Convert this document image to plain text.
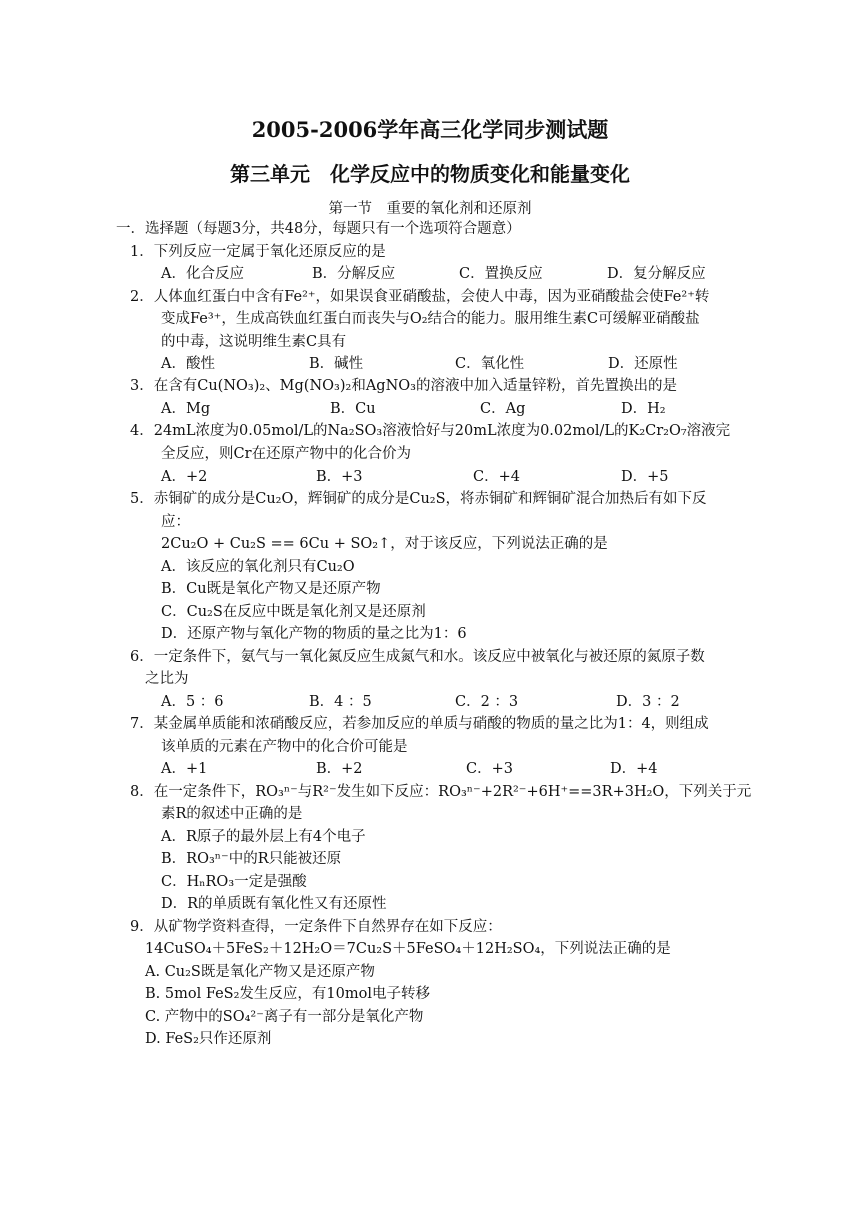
2005-2006学年高三化学同步测试题
第三单元　化学反应中的物质变化和能量变化
第一节　重要的氧化剂和还原剂
一．选择题（每题3分，共48分，每题只有一个选项符合题意）
1．下列反应一定属于氧化还原反应的是
A．化合反应	B．分解反应	C．置换反应	D．复分解反应
2．人体血红蛋白中含有Fe²⁺，如果误食亚硝酸盐，会使人中毒，因为亚硝酸盐会使Fe²⁺转
变成Fe³⁺，生成高铁血红蛋白而丧失与O₂结合的能力。服用维生素C可缓解亚硝酸盐
的中毒，这说明维生素C具有
A．酸性	B．碱性	C．氧化性	D．还原性
3．在含有Cu(NO₃)₂、Mg(NO₃)₂和AgNO₃的溶液中加入适量锌粉，首先置换出的是
A．Mg	B．Cu	C．Ag	D．H₂
4．24mL浓度为0.05mol/L的Na₂SO₃溶液恰好与20mL浓度为0.02mol/L的K₂Cr₂O₇溶液完
全反应，则Cr在还原产物中的化合价为
A．+2	B．+3	C．+4	D．+5
5．赤铜矿的成分是Cu₂O，辉铜矿的成分是Cu₂S，将赤铜矿和辉铜矿混合加热后有如下反
应：
2Cu₂O + Cu₂S == 6Cu + SO₂↑，对于该反应，下列说法正确的是
A．该反应的氧化剂只有Cu₂O
B．Cu既是氧化产物又是还原产物
C．Cu₂S在反应中既是氧化剂又是还原剂
D．还原产物与氧化产物的物质的量之比为1：6
6．一定条件下，氨气与一氧化氮反应生成氮气和水。该反应中被氧化与被还原的氮原子数
之比为
A．5 ：6	B．4 ：5	C．2 ：3	D．3 ：2
7．某金属单质能和浓硝酸反应，若参加反应的单质与硝酸的物质的量之比为1：4，则组成
该单质的元素在产物中的化合价可能是
A．+1	B．+2	C．+3	D．+4
8．在一定条件下，RO₃ⁿ⁻与R²⁻发生如下反应：RO₃ⁿ⁻+2R²⁻+6H⁺==3R+3H₂O，下列关于元
素R的叙述中正确的是
A．R原子的最外层上有4个电子
B．RO₃ⁿ⁻中的R只能被还原
C．HₙRO₃一定是强酸
D．R的单质既有氧化性又有还原性
9．从矿物学资料查得，一定条件下自然界存在如下反应：
14CuSO₄＋5FeS₂＋12H₂O＝7Cu₂S＋5FeSO₄＋12H₂SO₄，下列说法正确的是
A. Cu₂S既是氧化产物又是还原产物
B. 5mol FeS₂发生反应，有10mol电子转移
C. 产物中的SO₄²⁻离子有一部分是氧化产物
D. FeS₂只作还原剂
